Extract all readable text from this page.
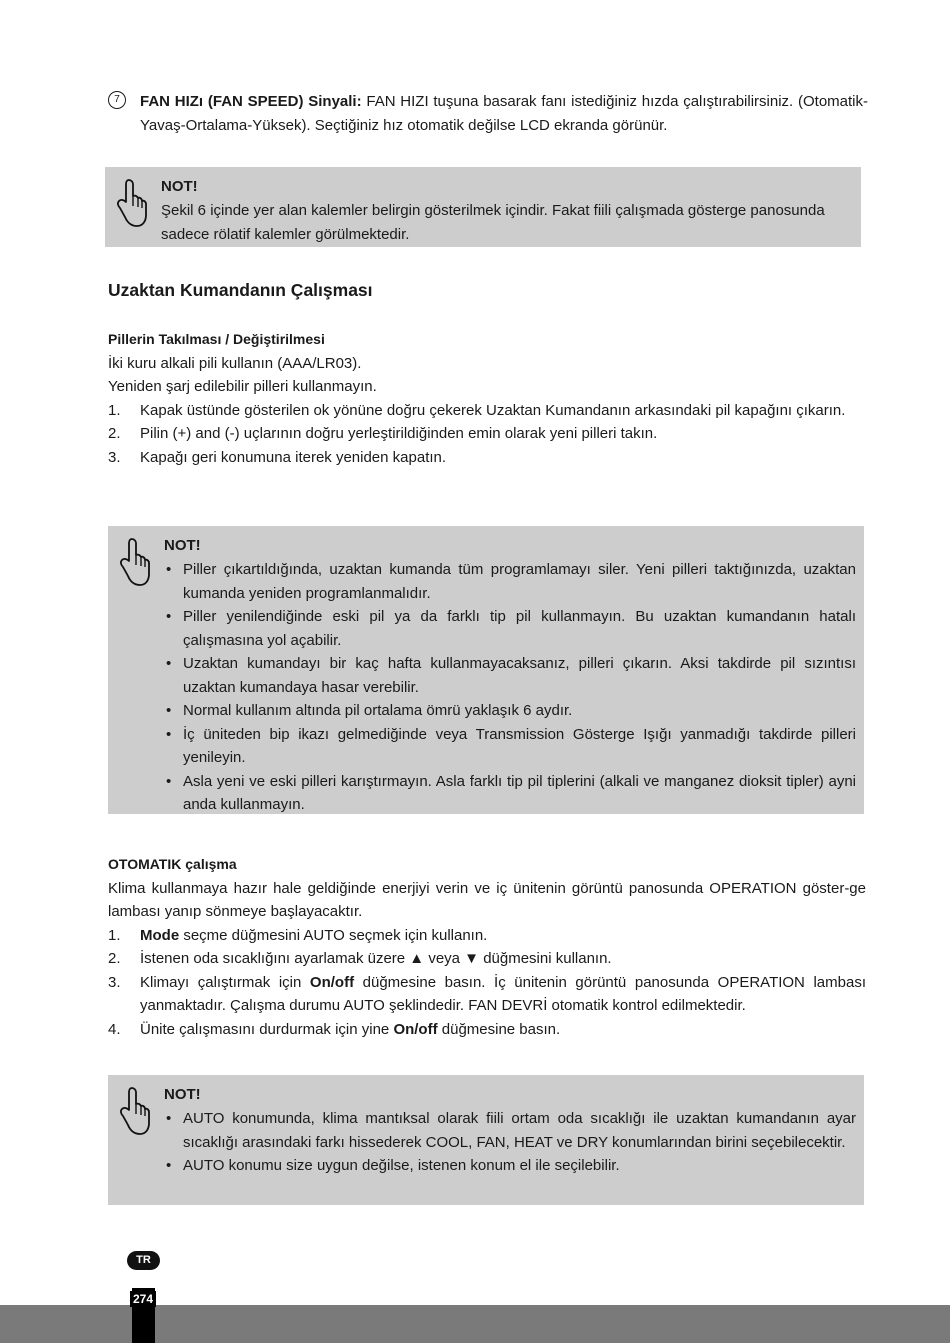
7	FAN HIZı (FAN SPEED) Sinyali: FAN HIZI tuşuna basarak fanı istediğiniz hızda çalıştırabilirsiniz. (Otomatik-Yavaş-Ortalama-Yüksek). Seçtiğiniz hız otomatik değilse LCD ekranda görünür.
NOT!
Şekil 6 içinde yer alan kalemler belirgin gösterilmek içindir. Fakat fiili çalışmada gösterge panosunda sadece rölatif kalemler görülmektedir.
Uzaktan Kumandanın Çalışması
Pillerin Takılması / Değiştirilmesi
İki kuru alkali pili kullanın (AAA/LR03).
Yeniden şarj edilebilir pilleri kullanmayın.
1. Kapak üstünde gösterilen ok yönüne doğru çekerek Uzaktan Kumandanın arkasındaki pil kapağını çıkarın.
2. Pilin (+) and (-) uçlarının doğru yerleştirildiğinden emin olarak yeni pilleri takın.
3. Kapağı geri konumuna iterek yeniden kapatın.
NOT!
• Piller çıkartıldığında, uzaktan kumanda tüm programlamayı siler. Yeni pilleri taktığınızda, uzaktan kumanda yeniden programlanmalıdır.
• Piller yenilendiğinde eski pil ya da farklı tip pil kullanmayın. Bu uzaktan kumandanın hatalı çalışmasına yol açabilir.
• Uzaktan kumandayı bir kaç hafta kullanmayacaksanız, pilleri çıkarın. Aksi takdirde pil sızıntısı uzaktan kumandaya hasar verebilir.
• Normal kullanım altında pil ortalama ömrü yaklaşık 6 aydır.
• İç üniteden bip ikazı gelmediğinde veya Transmission Gösterge Işığı yanmadığı takdirde pilleri yenileyin.
• Asla yeni ve eski pilleri karıştırmayın. Asla farklı tip pil tiplerini (alkali ve manganez dioksit tipler) ayni anda kullanmayın.
OTOMATIK çalışma
Klima kullanmaya hazır hale geldiğinde enerjiyi verin ve iç ünitenin görüntü panosunda OPERATION göster-ge lambası yanıp sönmeye başlayacaktır.
1. Mode seçme düğmesini AUTO seçmek için kullanın.
2. İstenen oda sıcaklığını ayarlamak üzere ▲ veya ▼ düğmesini kullanın.
3. Klimayı çalıştırmak için On/off düğmesine basın. İç ünitenin görüntü panosunda OPERATION lambası yanmaktadır. Çalışma durumu AUTO şeklindedir. FAN DEVRİ otomatik kontrol edilmektedir.
4. Ünite çalışmasını durdurmak için yine On/off düğmesine basın.
NOT!
• AUTO konumunda, klima mantıksal olarak fiili ortam oda sıcaklığı ile uzaktan kumandanın ayar sıcaklığı arasındaki farkı hissederek COOL, FAN, HEAT ve DRY konumlarından birini seçebilecektir.
• AUTO konumu size uygun değilse, istenen konum el ile seçilebilir.
TR
274
